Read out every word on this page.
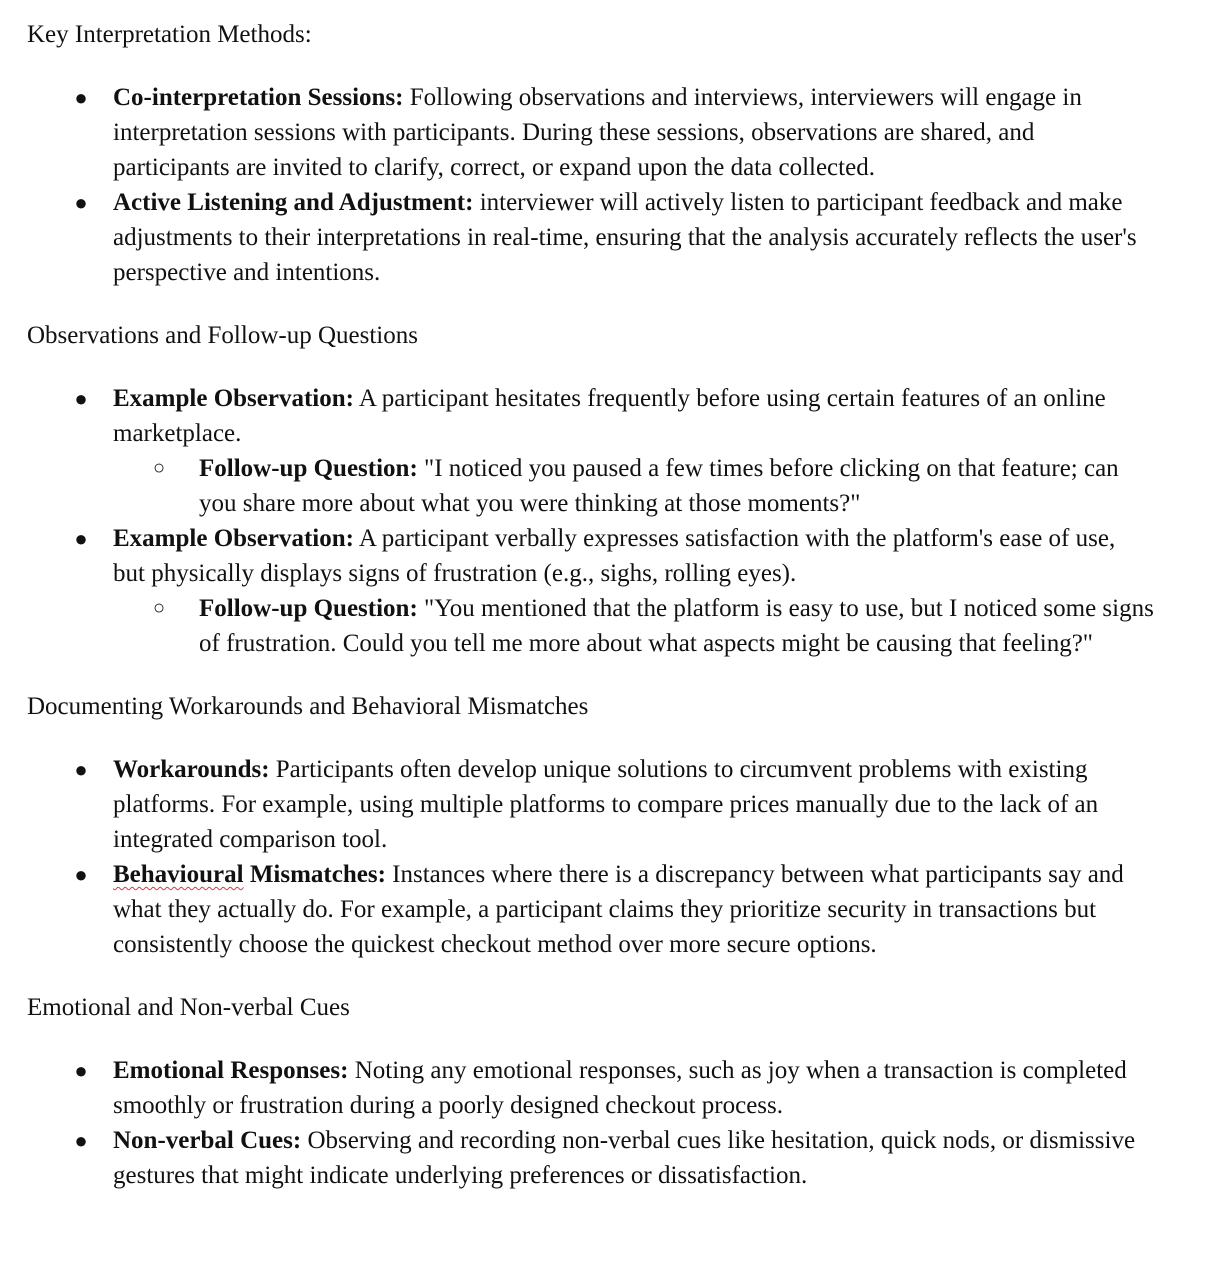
Key Interpretation Methods:

● Co-interpretation Sessions: Following observations and interviews, interviewers will engage in interpretation sessions with participants. During these sessions, observations are shared, and participants are invited to clarify, correct, or expand upon the data collected.
● Active Listening and Adjustment: interviewer will actively listen to participant feedback and make adjustments to their interpretations in real-time, ensuring that the analysis accurately reflects the user's perspective and intentions.

Observations and Follow-up Questions

● Example Observation: A participant hesitates frequently before using certain features of an online marketplace.
○ Follow-up Question: "I noticed you paused a few times before clicking on that feature; can you share more about what you were thinking at those moments?"
● Example Observation: A participant verbally expresses satisfaction with the platform's ease of use, but physically displays signs of frustration (e.g., sighs, rolling eyes).
○ Follow-up Question: "You mentioned that the platform is easy to use, but I noticed some signs of frustration. Could you tell me more about what aspects might be causing that feeling?"

Documenting Workarounds and Behavioral Mismatches

● Workarounds: Participants often develop unique solutions to circumvent problems with existing platforms. For example, using multiple platforms to compare prices manually due to the lack of an integrated comparison tool.
● Behavioural Mismatches: Instances where there is a discrepancy between what participants say and what they actually do. For example, a participant claims they prioritize security in transactions but consistently choose the quickest checkout method over more secure options.

Emotional and Non-verbal Cues

● Emotional Responses: Noting any emotional responses, such as joy when a transaction is completed smoothly or frustration during a poorly designed checkout process.
● Non-verbal Cues: Observing and recording non-verbal cues like hesitation, quick nods, or dismissive gestures that might indicate underlying preferences or dissatisfaction.
